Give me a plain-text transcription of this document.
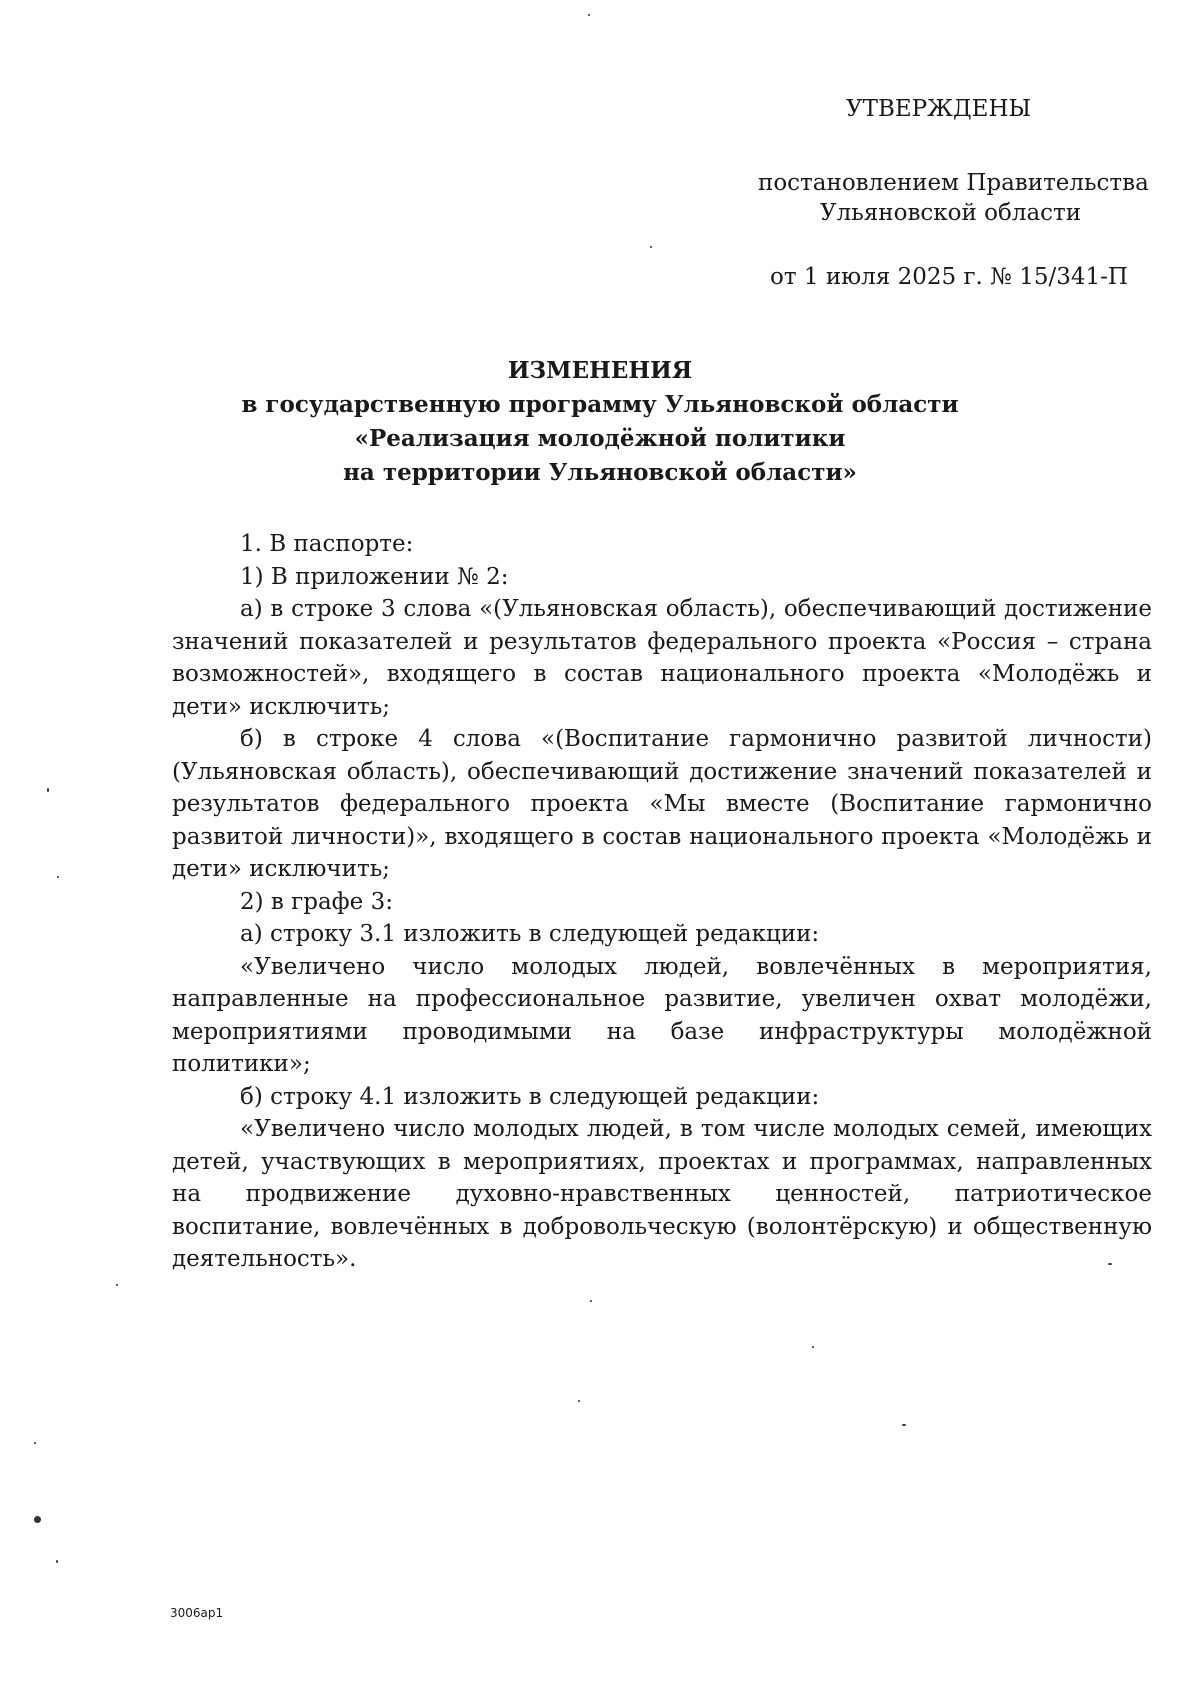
УТВЕРЖДЕНЫ
постановлением Правительства
Ульяновской области
от 1 июля 2025 г. № 15/341-П
ИЗМЕНЕНИЯ
в государственную программу Ульяновской области
«Реализация молодёжной политики
на территории Ульяновской области»

1. В паспорте:

1) В приложении № 2:

а) в строке 3 слова «(Ульяновская область), обеспечивающий достижение значений показателей и результатов федерального проекта «Россия – страна возможностей», входящего в состав национального проекта «Молодёжь и дети» исключить;

б) в строке 4 слова «(Воспитание гармонично развитой личности) (Ульяновская область), обеспечивающий достижение значений показателей и результатов федерального проекта «Мы вместе (Воспитание гармонично развитой личности)», входящего в состав национального проекта «Молодёжь и дети» исключить;

2) в графе 3:

а) строку 3.1 изложить в следующей редакции:

«Увеличено число молодых людей, вовлечённых в мероприятия, направленные на профессиональное развитие, увеличен охват молодёжи, мероприятиями проводимыми на базе инфраструктуры молодёжной политики»;

б) строку 4.1 изложить в следующей редакции:

«Увеличено число молодых людей, в том числе молодых семей, имеющих детей, участвующих в мероприятиях, проектах и программах, направленных на продвижение духовно-нравственных ценностей, патриотическое воспитание, вовлечённых в добровольческую (волонтёрскую) и общественную деятельность».

3006ар1
